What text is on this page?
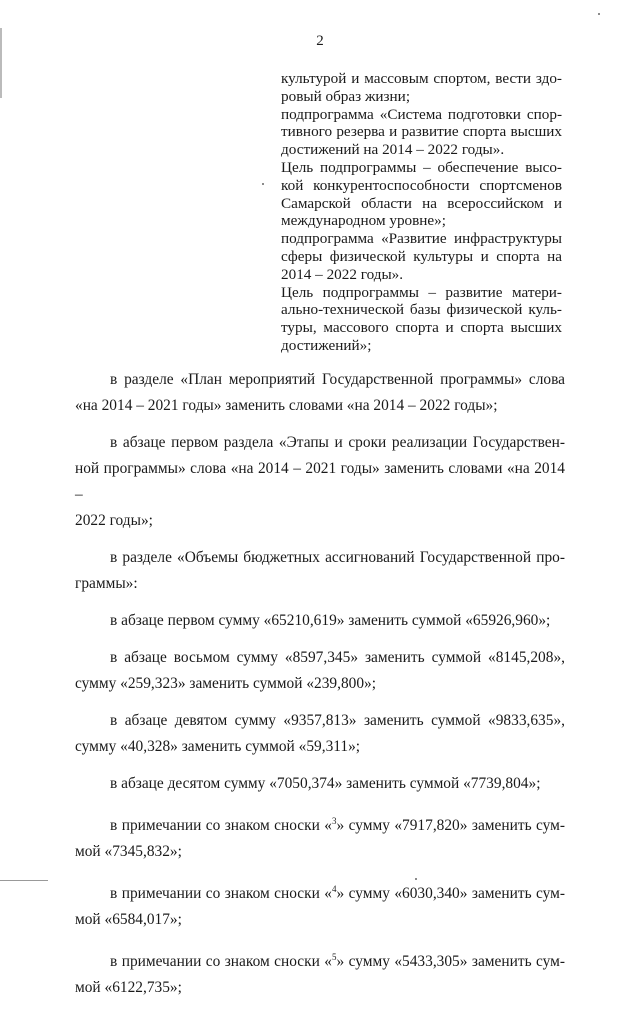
2
культурой и массовым спортом, вести здо-
ровый образ жизни;
подпрограмма «Система подготовки спор-
тивного резерва и развитие спорта высших
достижений на 2014 – 2022 годы».
Цель подпрограммы – обеспечение высо-
кой конкурентоспособности спортсменов
Самарской области на всероссийском и
международном уровне»;
подпрограмма «Развитие инфраструктуры
сферы физической культуры и спорта на
2014 – 2022 годы».
Цель подпрограммы – развитие матери-
ально-технической базы физической куль-
туры, массового спорта и спорта высших
достижений»;
в разделе «План мероприятий Государственной программы» слова
«на 2014 – 2021 годы» заменить словами «на 2014 – 2022 годы»;
в абзаце первом раздела «Этапы и сроки реализации Государствен-
ной программы» слова «на 2014 – 2021 годы» заменить словами «на 2014 –
2022 годы»;
в разделе «Объемы бюджетных ассигнований Государственной про-
граммы»:
в абзаце первом сумму «65210,619» заменить суммой «65926,960»;
в абзаце восьмом сумму «8597,345» заменить суммой «8145,208»,
сумму «259,323» заменить суммой «239,800»;
в абзаце девятом сумму «9357,813» заменить суммой «9833,635»,
сумму «40,328» заменить суммой «59,311»;
в абзаце десятом сумму «7050,374» заменить суммой «7739,804»;
в примечании со знаком сноски «$^3$» сумму «7917,820» заменить сум-
мой «7345,832»;
в примечании со знаком сноски «$^4$» сумму «6030,340» заменить сум-
мой «6584,017»;
в примечании со знаком сноски «$^5$» сумму «5433,305» заменить сум-
мой «6122,735»;
